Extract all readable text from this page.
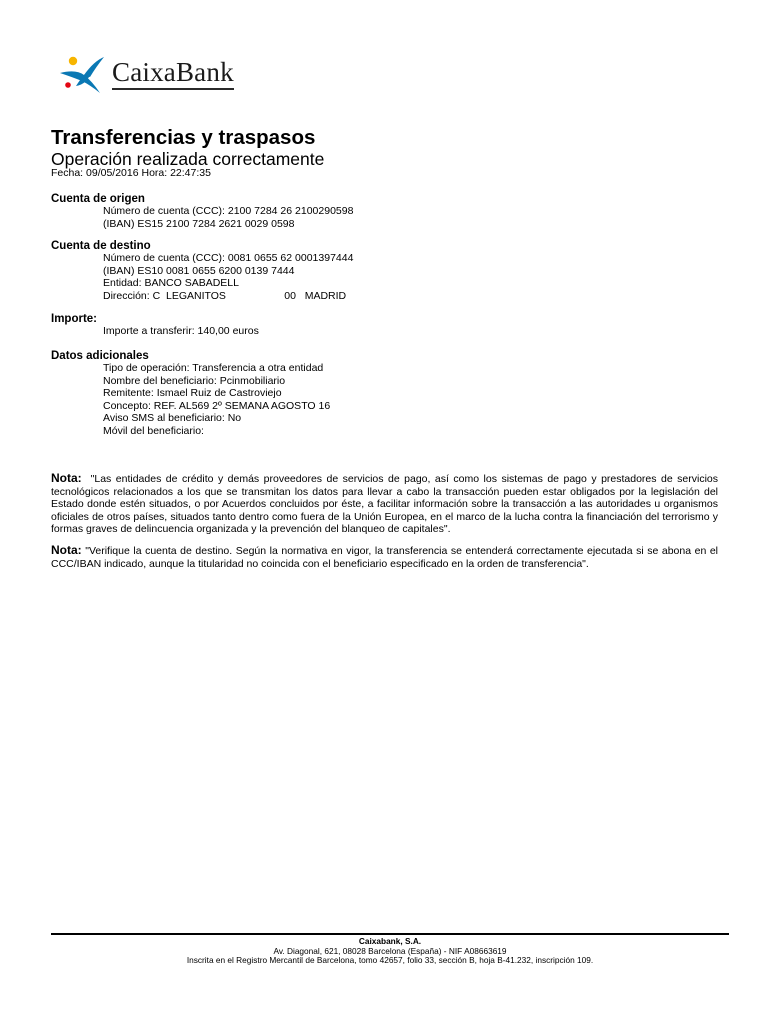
CaixaBank
Transferencias y traspasos
Operación realizada correctamente
Fecha: 09/05/2016 Hora: 22:47:35
Cuenta de origen
Número de cuenta (CCC): 2100 7284 26 2100290598
(IBAN) ES15 2100 7284 2621 0029 0598
Cuenta de destino
Número de cuenta (CCC): 0081 0655 62 0001397444
(IBAN) ES10 0081 0655 6200 0139 7444
Entidad: BANCO SABADELL
Dirección: C  LEGANITOS                    00   MADRID
Importe:
Importe a transferir: 140,00 euros
Datos adicionales
Tipo de operación: Transferencia a otra entidad
Nombre del beneficiario: Pcinmobiliario
Remitente: Ismael Ruiz de Castroviejo
Concepto: REF. AL569 2º SEMANA AGOSTO 16
Aviso SMS al beneficiario: No
Móvil del beneficiario:
Nota: "Las entidades de crédito y demás proveedores de servicios de pago, así como los sistemas de pago y prestadores de servicios tecnológicos relacionados a los que se transmitan los datos para llevar a cabo la transacción pueden estar obligados por la legislación del Estado donde estén situados, o por Acuerdos concluidos por éste, a facilitar información sobre la transacción a las autoridades u organismos oficiales de otros países, situados tanto dentro como fuera de la Unión Europea, en el marco de la lucha contra la financiación del terrorismo y formas graves de delincuencia organizada y la prevención del blanqueo de capitales".
Nota: "Verifique la cuenta de destino. Según la normativa en vigor, la transferencia se entenderá correctamente ejecutada si se abona en el CCC/IBAN indicado, aunque la titularidad no coincida con el beneficiario especificado en la orden de transferencia".
Caixabank, S.A.
Av. Diagonal, 621, 08028 Barcelona (España) - NIF A08663619
Inscrita en el Registro Mercantil de Barcelona, tomo 42657, folio 33, sección B, hoja B-41.232, inscripción 109.
